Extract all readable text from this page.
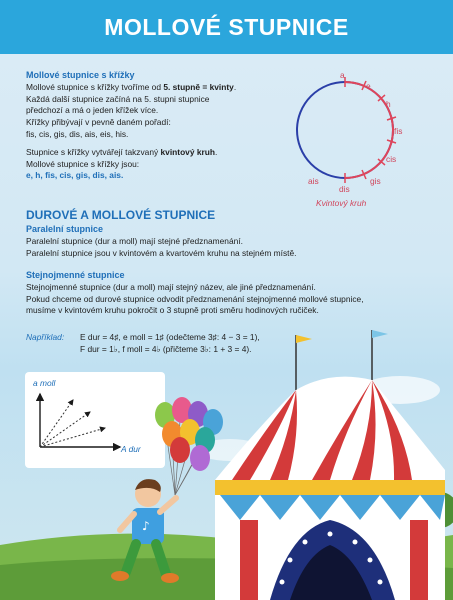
MOLLOVÉ STUPNICE

Mollové stupnice s křížky

Mollové stupnice s křížky tvoříme od 5. stupně = kvinty.

Každá další stupnice začíná na 5. stupni stupnice

předchozí a má o jeden křížek více.

Křížky přibývají v pevně daném pořadí:

fis, cis, gis, dis, ais, eis, his.

Stupnice s křížky vytvářejí takzvaný kvintový kruh.

Mollové stupnice s křížky jsou:

e, h, fis, cis, gis, dis, ais.

a
e
h
fis
cis
gis
dis
ais
Kvintový kruh
DUROVÉ A MOLLOVÉ STUPNICE

Paralelní stupnice

Paralelní stupnice (dur a moll) mají stejné předznamenání.

Paralelní stupnice jsou v kvintovém a kvartovém kruhu na stejném místě.

Stejnojmenné stupnice

Stejnojmenné stupnice (dur a moll) mají stejný název, ale jiné předznamenání.

Pokud chceme od durové stupnice odvodit předznamenání stejnojmenné mollové stupnice,

musíme v kvintovém kruhu pokročit o 3 stupně proti směru hodinových ručiček.

Například: E dur = 4♯, e moll = 1♯ (odečteme 3♯: 4 − 3 = 1),
F dur = 1♭, f moll = 4♭ (přičteme 3♭: 1 + 3 = 4).
a moll
A dur
♪
